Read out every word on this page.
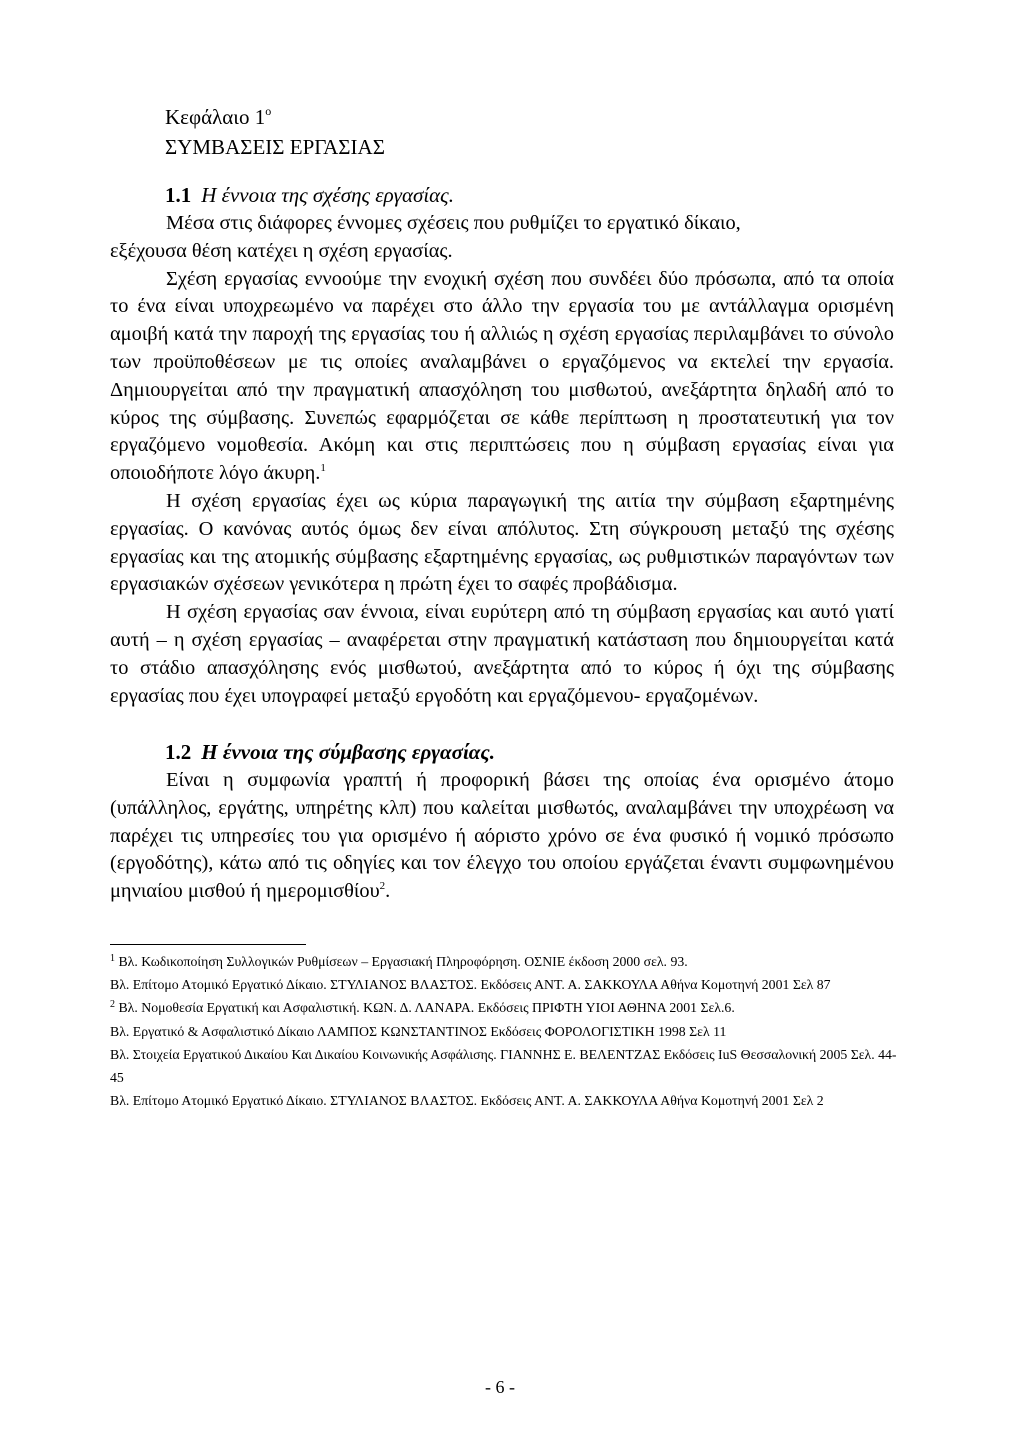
Κεφάλαιο $1^o$
ΣΥΜΒΑΣΕΙΣ ΕΡΓΑΣΙΑΣ
1.1 Η έννοια της σχέσης εργασίας.

Μέσα στις διάφορες έννομες σχέσεις που ρυθμίζει το εργατικό δίκαιο,

εξέχουσα θέση κατέχει η σχέση εργασίας.

Σχέση εργασίας εννοούμε την ενοχική σχέση που συνδέει δύο πρόσωπα, από τα οποία το ένα είναι υποχρεωμένο να παρέχει στο άλλο την εργασία του με αντάλλαγμα ορισμένη αμοιβή κατά την παροχή της εργασίας του ή αλλιώς η σχέση εργασίας περιλαμβάνει το σύνολο των προϋποθέσεων με τις οποίες αναλαμβάνει ο εργαζόμενος να εκτελεί την εργασία. Δημιουργείται από την πραγματική απασχόληση του μισθωτού, ανεξάρτητα δηλαδή από το κύρος της σύμβασης. Συνεπώς εφαρμόζεται σε κάθε περίπτωση η προστατευτική για τον εργαζόμενο νομοθεσία. Ακόμη και στις περιπτώσεις που η σύμβαση εργασίας είναι για οποιοδήποτε λόγο άκυρη.$^1$

Η σχέση εργασίας έχει ως κύρια παραγωγική της αιτία την σύμβαση εξαρτημένης εργασίας. Ο κανόνας αυτός όμως δεν είναι απόλυτος. Στη σύγκρουση μεταξύ της σχέσης εργασίας και της ατομικής σύμβασης εξαρτημένης εργασίας, ως ρυθμιστικών παραγόντων των εργασιακών σχέσεων γενικότερα η πρώτη έχει το σαφές προβάδισμα.

Η σχέση εργασίας σαν έννοια, είναι ευρύτερη από τη σύμβαση εργασίας και αυτό γιατί αυτή – η σχέση εργασίας – αναφέρεται στην πραγματική κατάσταση που δημιουργείται κατά το στάδιο απασχόλησης ενός μισθωτού, ανεξάρτητα από το κύρος ή όχι της σύμβασης εργασίας που έχει υπογραφεί μεταξύ εργοδότη και εργαζόμενου- εργαζομένων.

1.2 Η έννοια της σύμβασης εργασίας.

Είναι η συμφωνία γραπτή ή προφορική βάσει της οποίας ένα ορισμένο άτομο (υπάλληλος, εργάτης, υπηρέτης κλπ) που καλείται μισθωτός, αναλαμβάνει την υποχρέωση να παρέχει τις υπηρεσίες του για ορισμένο ή αόριστο χρόνο σε ένα φυσικό ή νομικό πρόσωπο (εργοδότης), κάτω από τις οδηγίες και τον έλεγχο του οποίου εργάζεται έναντι συμφωνημένου μηνιαίου μισθού ή ημερομισθίου$^2$.

$^1$ Βλ. Κωδικοποίηση Συλλογικών Ρυθμίσεων – Εργασιακή Πληροφόρηση. ΟΣΝΙΕ έκδοση 2000 σελ. 93.

Βλ. Επίτομο Ατομικό Εργατικό Δίκαιο. ΣΤΥΛΙΑΝΟΣ ΒΛΑΣΤΟΣ. Εκδόσεις ΑΝΤ. Α. ΣΑΚΚΟΥΛΑ Αθήνα Κομοτηνή 2001 Σελ 87

$^2$ Βλ. Νομοθεσία Εργατική και Ασφαλιστική. ΚΩΝ. Δ. ΛΑΝΑΡΑ. Εκδόσεις ΠΡΙΦΤΗ ΥΙΟΙ ΑΘΗΝΑ 2001 Σελ.6.

Βλ. Εργατικό & Ασφαλιστικό Δίκαιο ΛΑΜΠΟΣ ΚΩΝΣΤΑΝΤΙΝΟΣ Εκδόσεις ΦΟΡΟΛΟΓΙΣΤΙΚΗ 1998 Σελ 11

Βλ. Στοιχεία Εργατικού Δικαίου Και Δικαίου Κοινωνικής Ασφάλισης. ΓΙΑΝΝΗΣ Ε. ΒΕΛΕΝΤΖΑΣ Εκδόσεις IuS Θεσσαλονική 2005 Σελ. 44-45

Βλ. Επίτομο Ατομικό Εργατικό Δίκαιο. ΣΤΥΛΙΑΝΟΣ ΒΛΑΣΤΟΣ. Εκδόσεις ΑΝΤ. Α. ΣΑΚΚΟΥΛΑ Αθήνα Κομοτηνή 2001 Σελ 2

- 6 -
